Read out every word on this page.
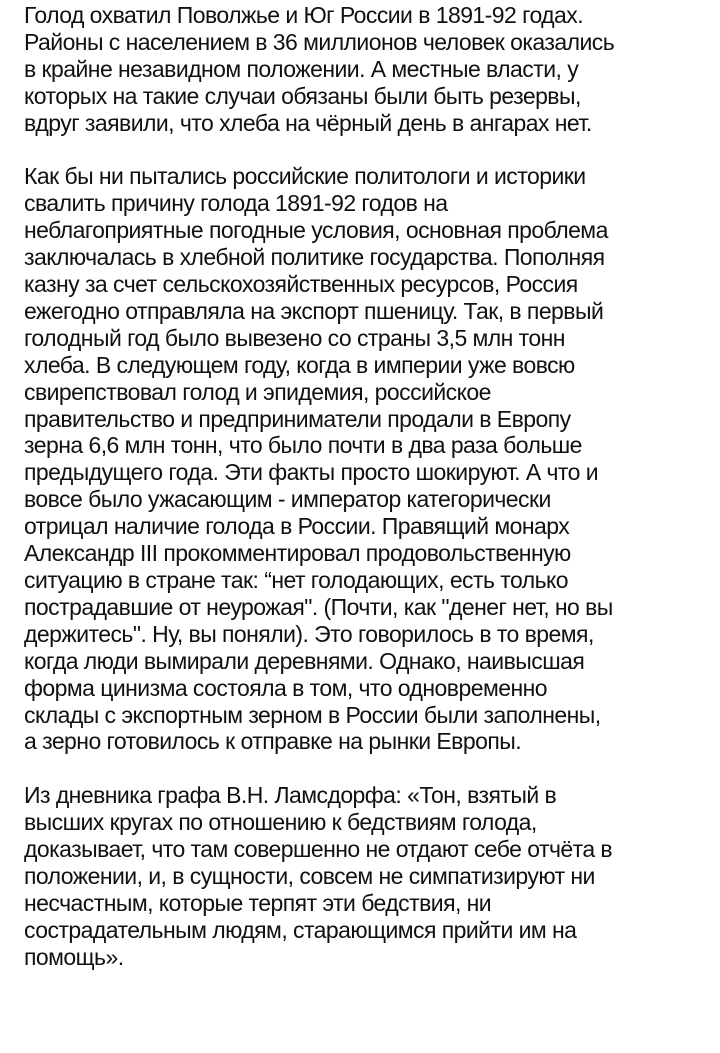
Голод охватил Поволжье и Юг России в 1891-92 годах.
Районы с населением в 36 миллионов человек оказались
в крайне незавидном положении. А местные власти, у
которых на такие случаи обязаны были быть резервы,
вдруг заявили, что хлеба на чёрный день в ангарах нет.
Как бы ни пытались российские политологи и историки
свалить причину голода 1891-92 годов на
неблагоприятные погодные условия, основная проблема
заключалась в хлебной политике государства. Пополняя
казну за счет сельскохозяйственных ресурсов, Россия
ежегодно отправляла на экспорт пшеницу. Так, в первый
голодный год было вывезено со страны 3,5 млн тонн
хлеба. В следующем году, когда в империи уже вовсю
свирепствовал голод и эпидемия, российское
правительство и предприниматели продали в Европу
зерна 6,6 млн тонн, что было почти в два раза больше
предыдущего года. Эти факты просто шокируют. А что и
вовсе было ужасающим - император категорически
отрицал наличие голода в России. Правящий монарх
Александр III прокомментировал продовольственную
ситуацию в стране так: “нет голодающих, есть только
пострадавшие от неурожая". (Почти, как "денег нет, но вы
держитесь". Ну, вы поняли). Это говорилось в то время,
когда люди вымирали деревнями. Однако, наивысшая
форма цинизма состояла в том, что одновременно
склады с экспортным зерном в России были заполнены,
а зерно готовилось к отправке на рынки Европы.
Из дневника графа В.Н. Ламсдорфа: «Тон, взятый в
высших кругах по отношению к бедствиям голода,
доказывает, что там совершенно не отдают себе отчёта в
положении, и, в сущности, совсем не симпатизируют ни
несчастным, которые терпят эти бедствия, ни
сострадательным людям, старающимся прийти им на
помощь».
